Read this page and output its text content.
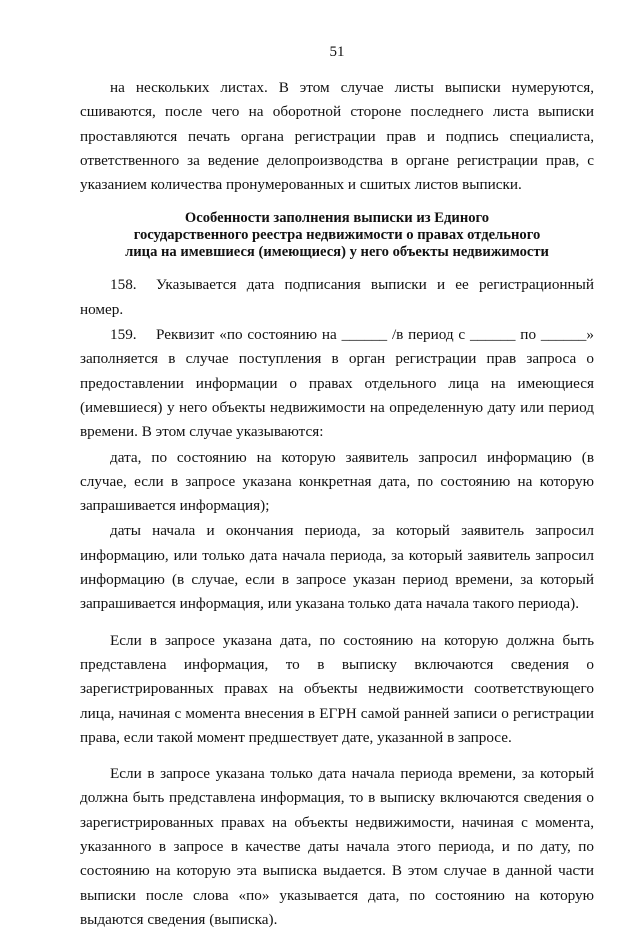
51

на нескольких листах. В этом случае листы выписки нумеруются, сшиваются, после чего на оборотной стороне последнего листа выписки проставляются печать органа регистрации прав и подпись специалиста, ответственного за ведение делопроизводства в органе регистрации прав, с указанием количества пронумерованных и сшитых листов выписки.

Особенности заполнения выписки из Единого
государственного реестра недвижимости о правах отдельного
лица на имевшиеся (имеющиеся) у него объекты недвижимости

158. Указывается дата подписания выписки и ее регистрационный номер.

159. Реквизит «по состоянию на ______ /в период с ______ по ______» заполняется в случае поступления в орган регистрации прав запроса о предоставлении информации о правах отдельного лица на имеющиеся (имевшиеся) у него объекты недвижимости на определенную дату или период времени. В этом случае указываются:

дата, по состоянию на которую заявитель запросил информацию (в случае, если в запросе указана конкретная дата, по состоянию на которую запрашивается информация);

даты начала и окончания периода, за который заявитель запросил информацию, или только дата начала периода, за который заявитель запросил информацию (в случае, если в запросе указан период времени, за который запрашивается информация, или указана только дата начала такого периода).

Если в запросе указана дата, по состоянию на которую должна быть представлена информация, то в выписку включаются сведения о зарегистрированных правах на объекты недвижимости соответствующего лица, начиная с момента внесения в ЕГРН самой ранней записи о регистрации права, если такой момент предшествует дате, указанной в запросе.

Если в запросе указана только дата начала периода времени, за который должна быть представлена информация, то в выписку включаются сведения о зарегистрированных правах на объекты недвижимости, начиная с момента, указанного в запросе в качестве даты начала этого периода, и по дату, по состоянию на которую эта выписка выдается. В этом случае в данной части выписки после слова «по» указывается дата, по состоянию на которую выдаются сведения (выписка).
